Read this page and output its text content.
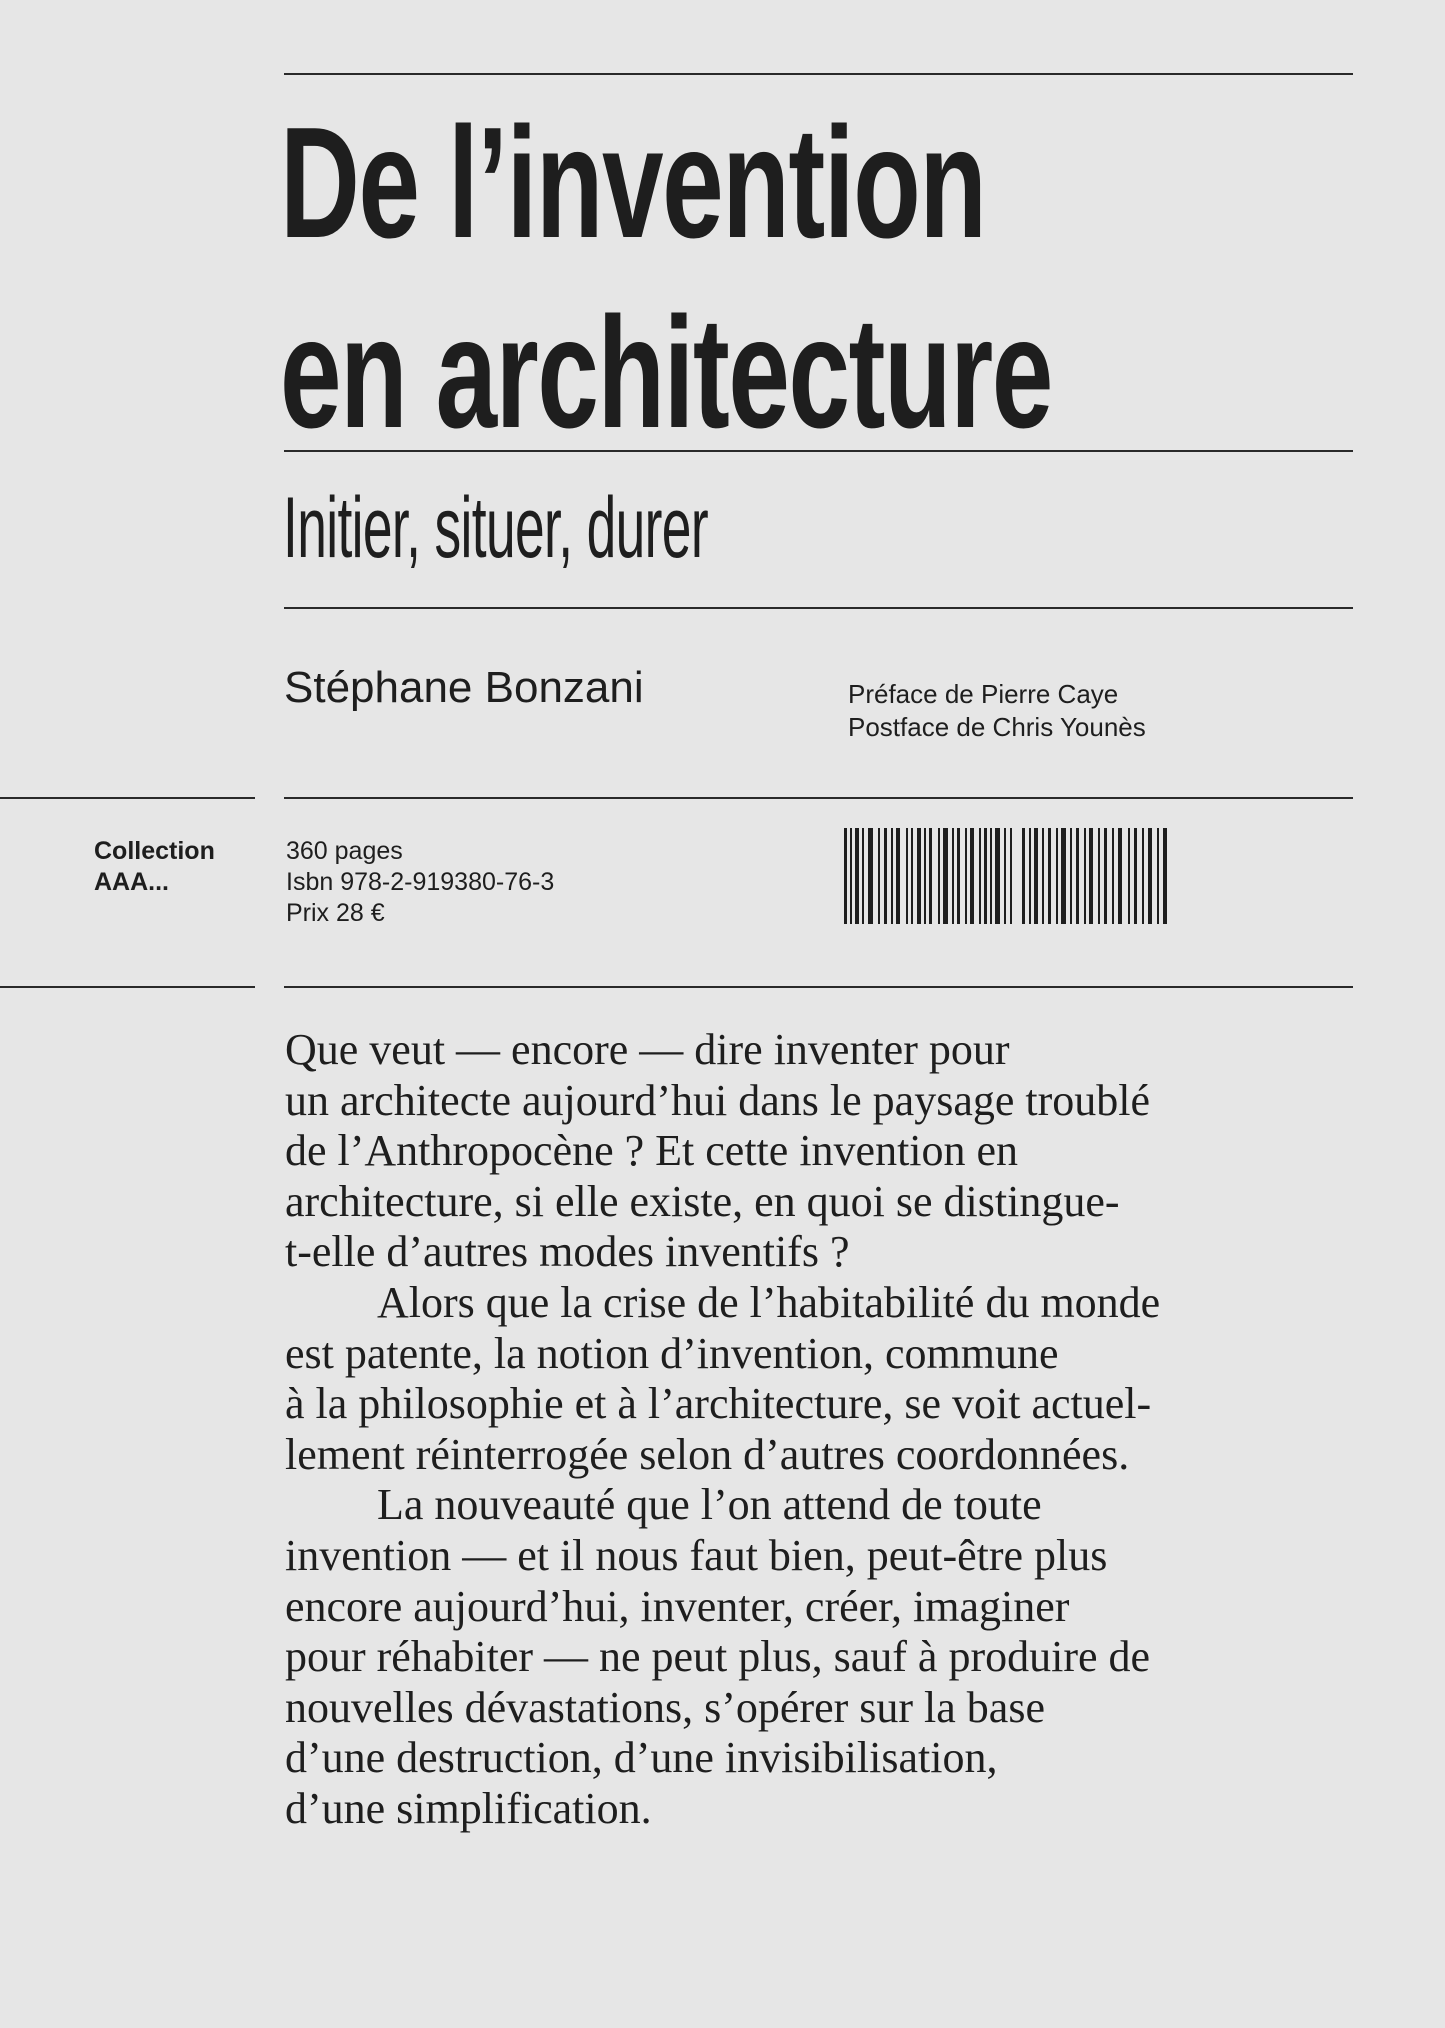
De l’invention
en architecture
Initier, situer, durer
Stéphane Bonzani	Préface de Pierre Caye
Postface de Chris Younès
Collection
AAA...
360 pages
Isbn 978-2-919380-76-3
Prix 28 €

Que veut — encore — dire inventer pour
un architecte aujourd’hui dans le paysage troublé
de l’Anthropocène ? Et cette invention en
architecture, si elle existe, en quoi se distingue-
t-elle d’autres modes inventifs ?

Alors que la crise de l’habitabilité du monde
est patente, la notion d’invention, commune
à la philosophie et à l’architecture, se voit actuel-
lement réinterrogée selon d’autres coordonnées.

La nouveauté que l’on attend de toute
invention — et il nous faut bien, peut-être plus
encore aujourd’hui, inventer, créer, imaginer
pour réhabiter — ne peut plus, sauf à produire de
nouvelles dévastations, s’opérer sur la base
d’une destruction, d’une invisibilisation,
d’une simplification.
